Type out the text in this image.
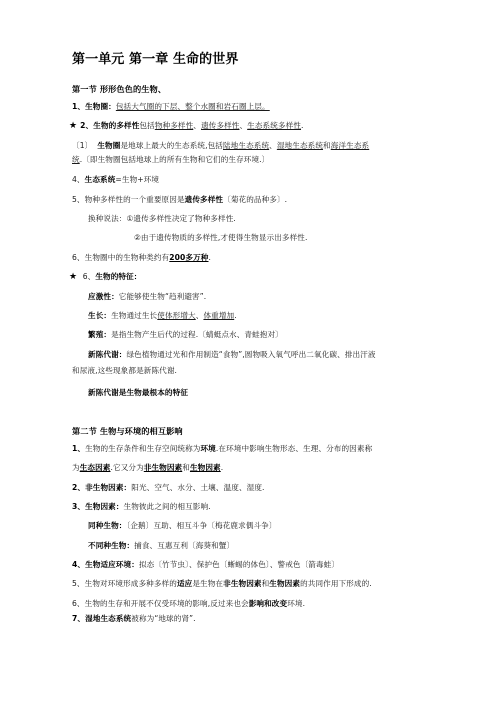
第一单元 第一章 生命的世界
第一节 形形色色的生物、
1、生物圈：包括大气圈的下层、整个水圈和岩石圈上层。
★ 2、生物的多样性包括物种多样性、遗传多样性、生态系统多样性.
〔1〕 生物圈是地球上最大的生态系统,包括陆地生态系统、湿地生态系统和海洋生态系
统.〔即生物圈包括地球上的所有生物和它们的生存环境.〕
4、生态系统=生物+环境
5、物种多样性的一个重要原因是遗传多样性〔菊花的品种多〕.
换种说法：①遗传多样性决定了物种多样性.
②由于遗传物质的多样性,才使得生物显示出多样性.
6、生物圈中的生物种类约有200多万种.
★ 6、生物的特征：
应激性：它能够使生物“趋利避害”.
生长：生物通过生长使体形增大、体重增加.
繁殖：是指生物产生后代的过程.〔蜻蜓点水、青蛙抱对〕
新陈代谢：绿色植物通过光和作用制造“食物”,圆物吸入氧气呼出二氧化碳、排出汗液
和尿液,这些现象都是新陈代谢.
新陈代谢是生物最根本的特征
第二节 生物与环境的相互影响
1、生物的生存条件和生存空间统称为环境.在环境中影响生物形态、生理、分布的因素称
为生态因素.它又分为非生物因素和生物因素.
2、非生物因素：阳光、空气、水分、土壤、温度、湿度.
3、生物因素：生物彼此之间的相互影响.
同种生物：〔企鹅〕互助、相互斗争〔梅花鹿求偶斗争〕
不同种生物：捕食、互惠互利〔海葵和蟹〕
4、生物适应环境：拟态〔竹节虫〕、保护色〔蜥蜴的体色〕、警戒色〔箭毒蛙〕
5、生物对环境形成多种多样的适应是生物在非生物因素和生物因素的共同作用下形成的.
6、生物的生存和开展不仅受环境的影响,反过来也会影响和改变环境.
7、湿地生态系统被称为“地球的肾”.
